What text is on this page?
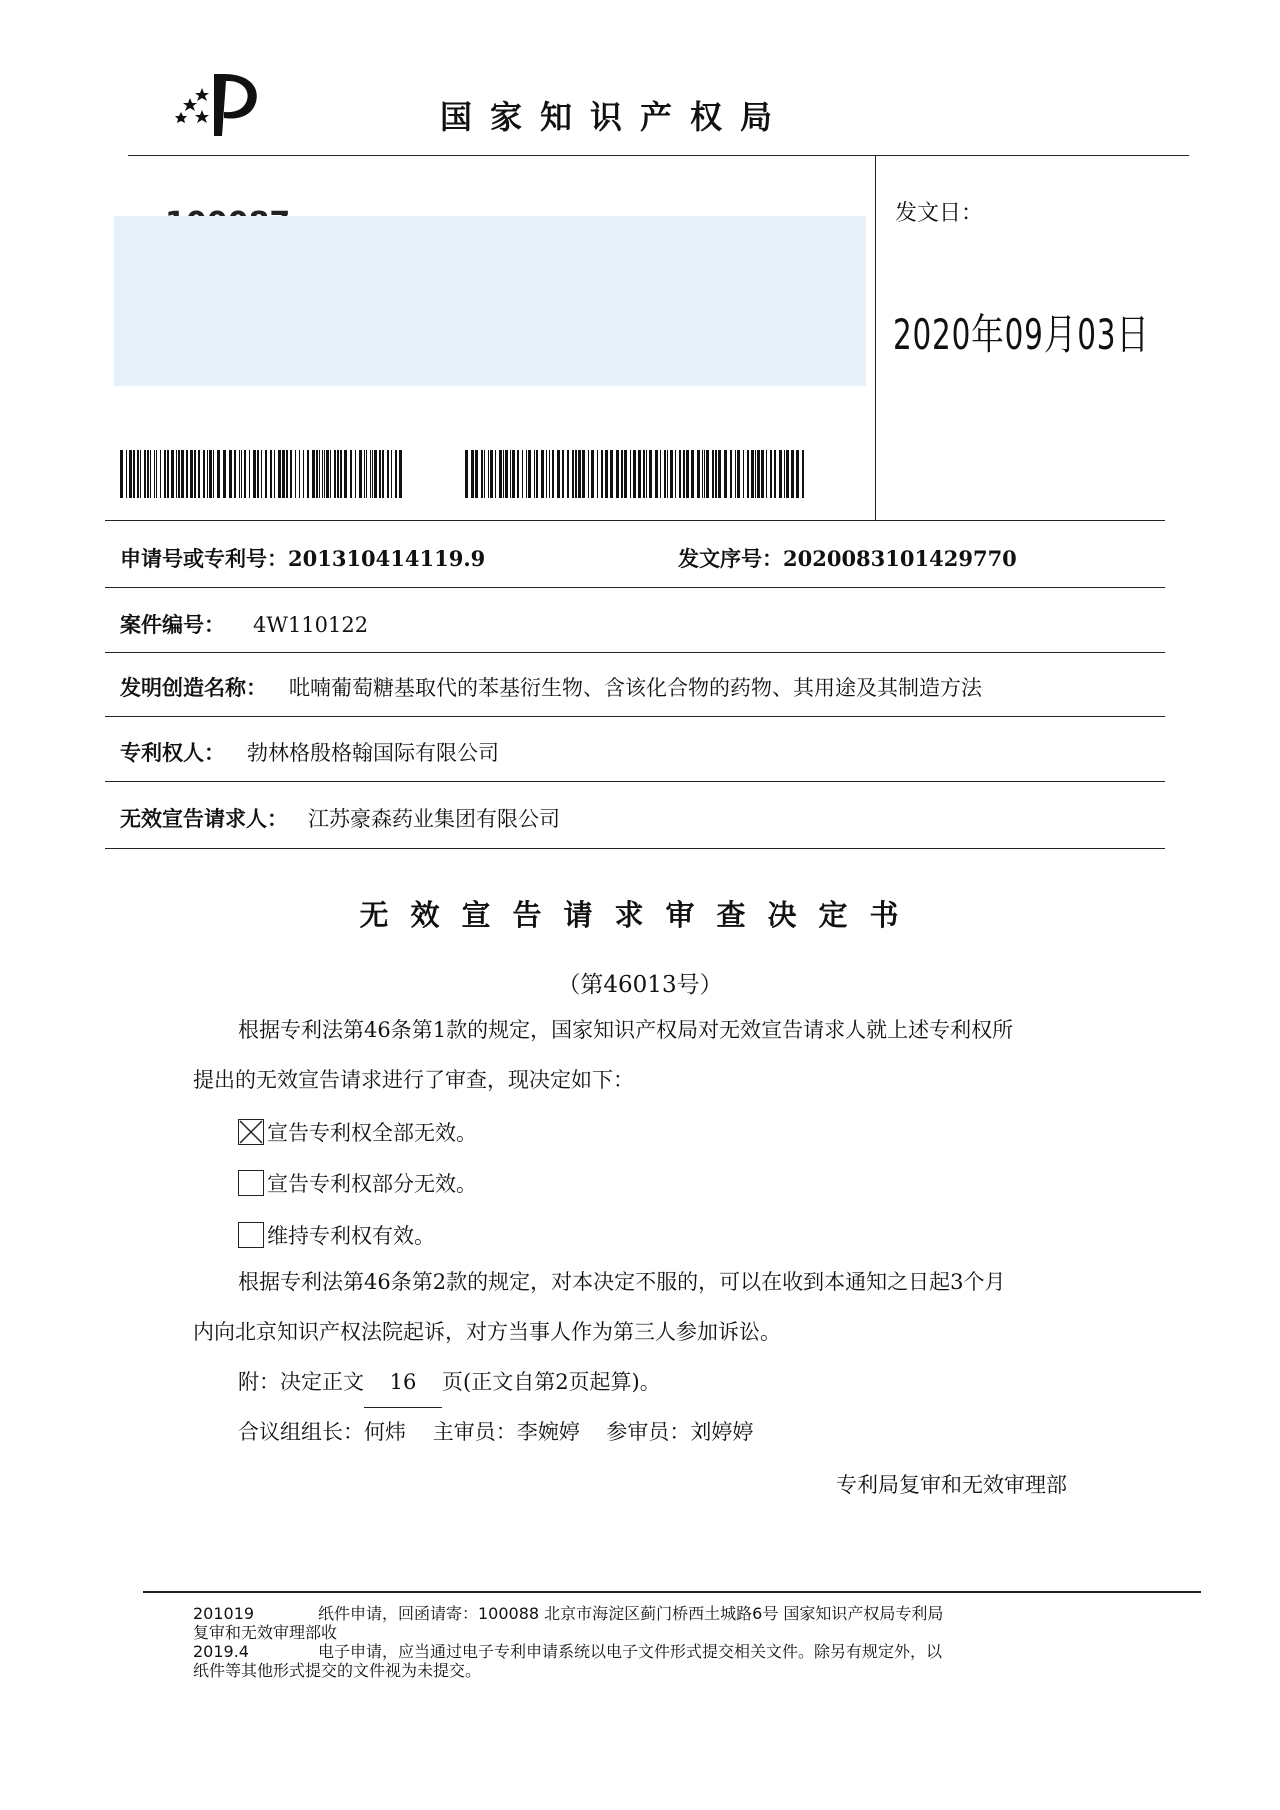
国家知识产权局
发文日：
2020年09月03日
申请号或专利号：201310414119.9	发文序号：2020083101429770
案件编号： 4W110122
发明创造名称： 吡喃葡萄糖基取代的苯基衍生物、含该化合物的药物、其用途及其制造方法
专利权人： 勃林格殷格翰国际有限公司
无效宣告请求人： 江苏豪森药业集团有限公司
无效宣告请求审查决定书
（第46013号）
根据专利法第46条第1款的规定，国家知识产权局对无效宣告请求人就上述专利权所
提出的无效宣告请求进行了审查，现决定如下：
宣告专利权全部无效。
宣告专利权部分无效。
维持专利权有效。
根据专利法第46条第2款的规定，对本决定不服的，可以在收到本通知之日起3个月
内向北京知识产权法院起诉，对方当事人作为第三人参加诉讼。
附：决定正文 16 页(正文自第2页起算)。
合议组组长：何炜    主审员：李婉婷    参审员：刘婷婷
专利局复审和无效审理部
201019	纸件申请，回函请寄：100088 北京市海淀区蓟门桥西土城路6号 国家知识产权局专利局
复审和无效审理部收
2019.4	电子申请，应当通过电子专利申请系统以电子文件形式提交相关文件。除另有规定外，以
纸件等其他形式提交的文件视为未提交。
